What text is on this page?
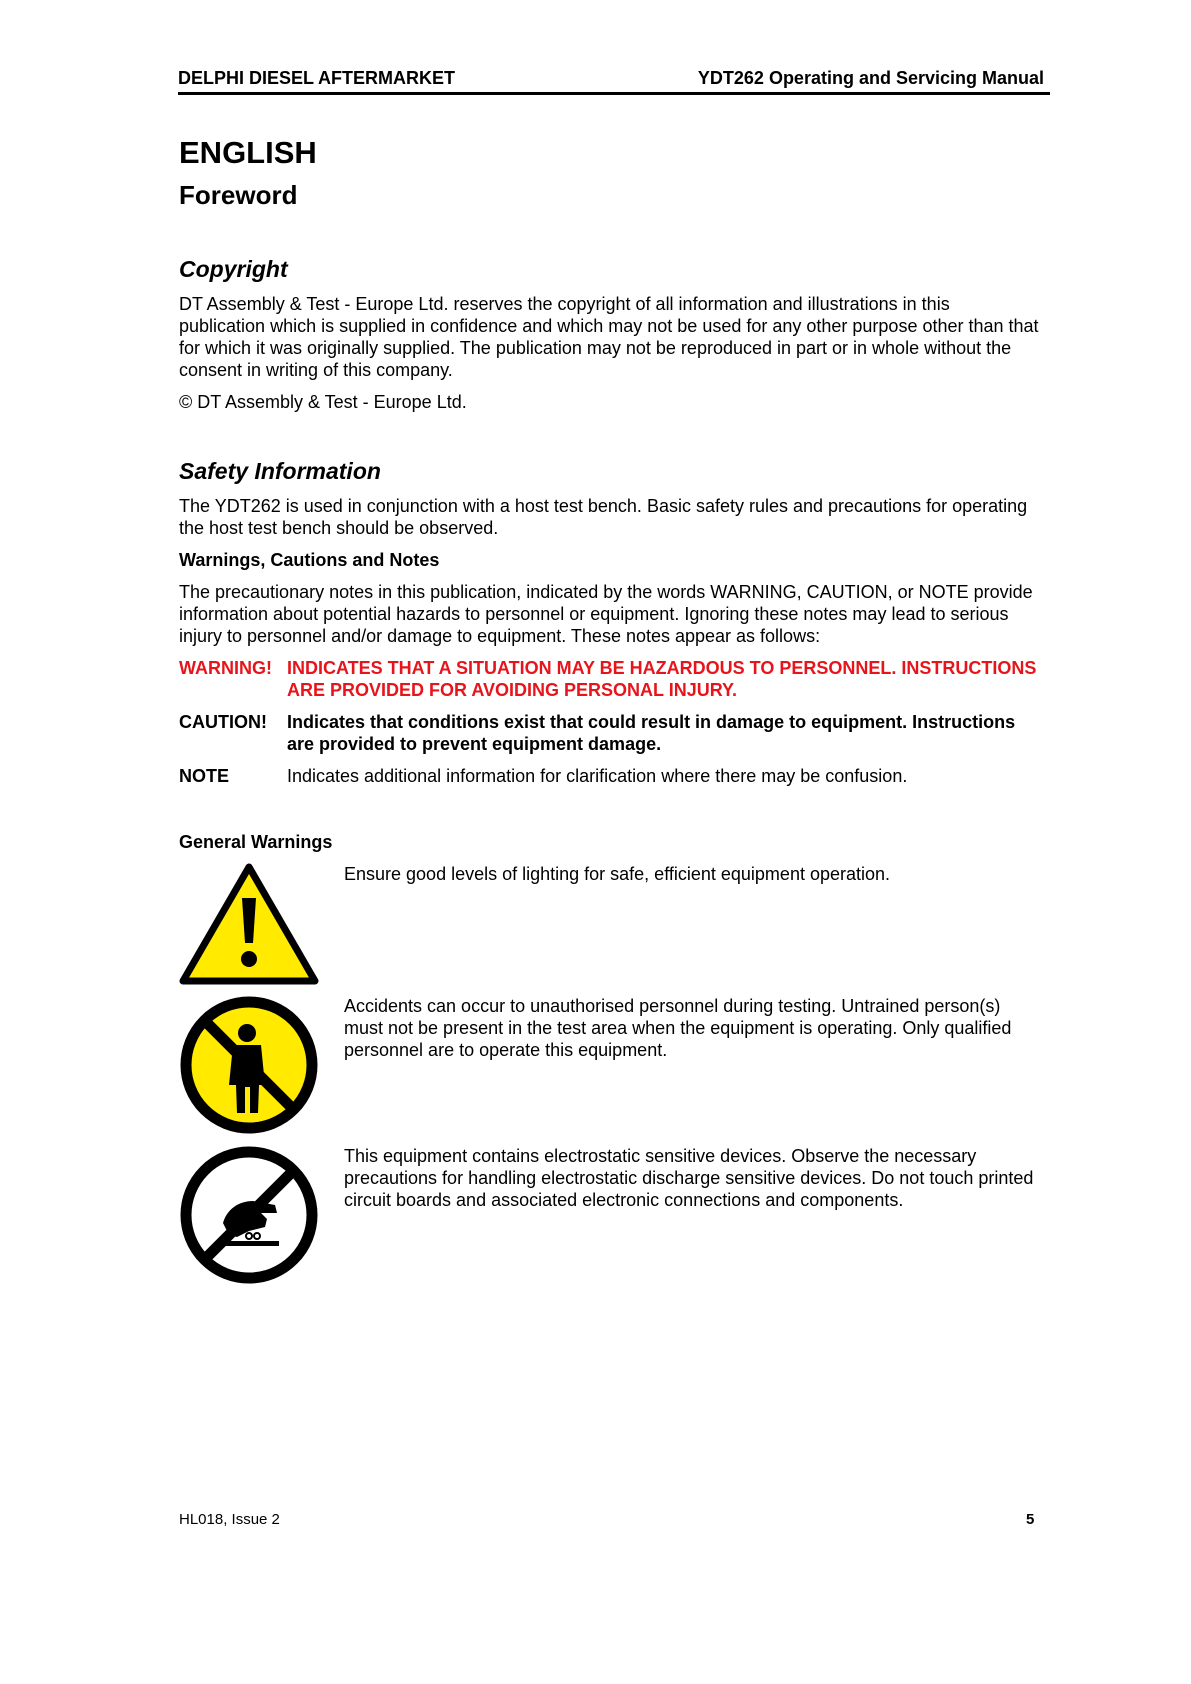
DELPHI DIESEL AFTERMARKET	YDT262 Operating and Servicing Manual
ENGLISH
Foreword
Copyright

DT Assembly & Test - Europe Ltd. reserves the copyright of all information and illustrations in this publication which is supplied in confidence and which may not be used for any other purpose other than that for which it was originally supplied. The publication may not be reproduced in part or in whole without the consent in writing of this company.

© DT Assembly & Test - Europe Ltd.

Safety Information

The YDT262 is used in conjunction with a host test bench. Basic safety rules and precautions for operating the host test bench should be observed.

Warnings, Cautions and Notes

The precautionary notes in this publication, indicated by the words WARNING, CAUTION, or NOTE provide information about potential hazards to personnel or equipment. Ignoring these notes may lead to serious injury to personnel and/or damage to equipment. These notes appear as follows:

WARNING! INDICATES THAT A SITUATION MAY BE HAZARDOUS TO PERSONNEL. INSTRUCTIONS ARE PROVIDED FOR AVOIDING PERSONAL INJURY.
CAUTION!	Indicates that conditions exist that could result in damage to equipment. Instructions are provided to prevent equipment damage.
NOTE	Indicates additional information for clarification where there may be confusion.
General Warnings
Ensure good levels of lighting for safe, efficient equipment operation.
Accidents can occur to unauthorised personnel during testing. Untrained person(s) must not be present in the test area when the equipment is operating. Only qualified personnel are to operate this equipment.
This equipment contains electrostatic sensitive devices. Observe the necessary precautions for handling electrostatic discharge sensitive devices. Do not touch printed circuit boards and associated electronic connections and components.
HL018, Issue 2	5
